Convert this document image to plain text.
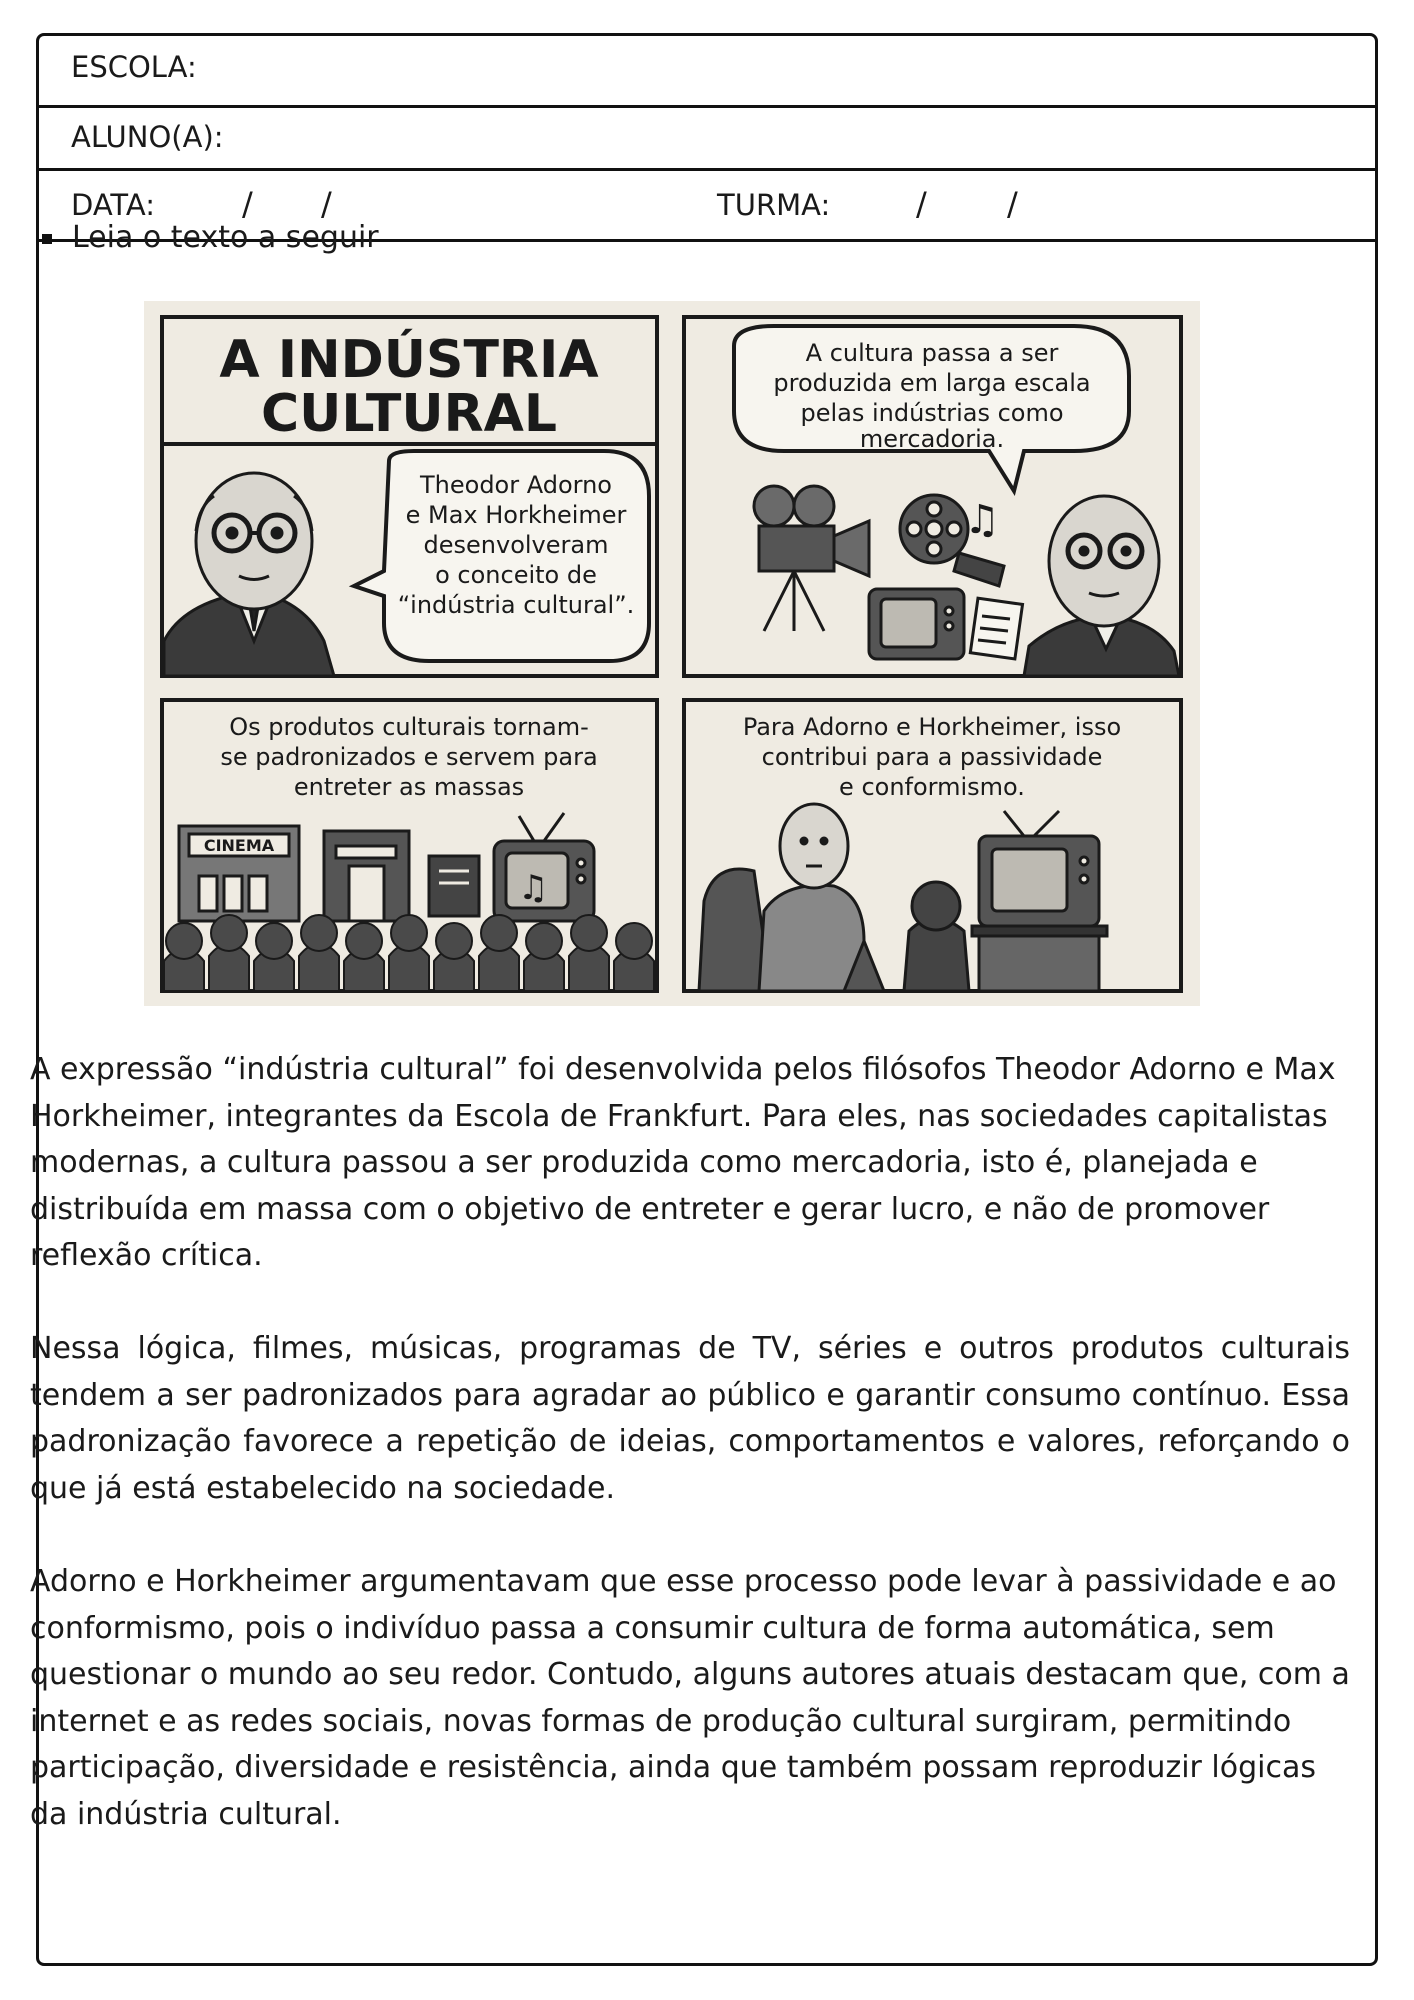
ESCOLA:
ALUNO(A):
DATA:	/ /	TURMA:	/	/
Leia o texto a seguir
A INDÚSTRIA
CULTURAL
Theodor Adorno
e Max Horkheimer
desenvolveram
o conceito de
“indústria cultural”.
A cultura passa a ser
produzida em larga escala
pelas indústrias como
mercadoria.
♫
Os produtos culturais tornam-
se padronizados e servem para
entreter as massas
CINEMA
♫
Para Adorno e Horkheimer, isso
contribui para a passividade
e conformismo.

A expressão “indústria cultural” foi desenvolvida pelos filósofos Theodor Adorno e Max Horkheimer, integrantes da Escola de Frankfurt. Para eles, nas sociedades capitalistas modernas, a cultura passou a ser produzida como mercadoria, isto é, planejada e distribuída em massa com o objetivo de entreter e gerar lucro, e não de promover reflexão crítica.

Nessa lógica, filmes, músicas, programas de TV, séries e outros produtos culturais tendem a ser padronizados para agradar ao público e garantir consumo contínuo. Essa padronização favorece a repetição de ideias, comportamentos e valores, reforçando o que já está estabelecido na sociedade.

Adorno e Horkheimer argumentavam que esse processo pode levar à passividade e ao conformismo, pois o indivíduo passa a consumir cultura de forma automática, sem questionar o mundo ao seu redor. Contudo, alguns autores atuais destacam que, com a internet e as redes sociais, novas formas de produção cultural surgiram, permitindo participação, diversidade e resistência, ainda que também possam reproduzir lógicas da indústria cultural.
